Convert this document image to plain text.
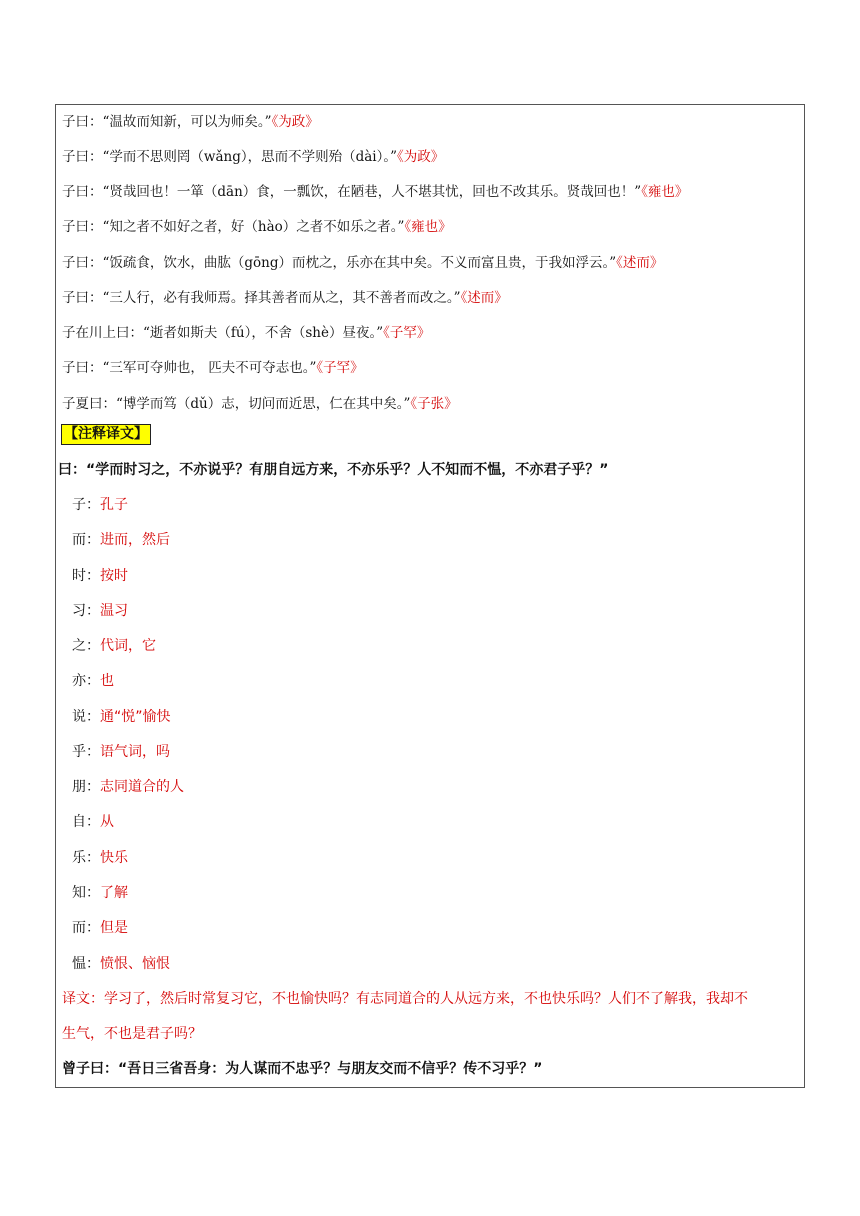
子曰：“温故而知新，可以为师矣。”《为政》
子曰：“学而不思则罔（wǎng），思而不学则殆（dài）。”《为政》
子曰：“贤哉回也！一箪（dān）食，一瓢饮，在陋巷，人不堪其忧，回也不改其乐。贤哉回也！”《雍也》
子曰：“知之者不如好之者，好（hào）之者不如乐之者。”《雍也》
子曰：“饭疏食，饮水，曲肱（gōng）而枕之，乐亦在其中矣。不义而富且贵，于我如浮云。”《述而》
子曰：“三人行，必有我师焉。择其善者而从之，其不善者而改之。”《述而》
子在川上曰：“逝者如斯夫（fú），不舍（shè）昼夜。”《子罕》
子曰：“三军可夺帅也， 匹夫不可夺志也。”《子罕》
子夏曰：“博学而笃（dǔ）志，切问而近思，仁在其中矣。”《子张》
【注释译文】
曰：“学而时习之，不亦说乎？有朋自远方来，不亦乐乎？人不知而不愠，不亦君子乎？”
子：孔子
而：进而，然后
时：按时
习：温习
之：代词，它
亦：也
说：通“悦”愉快
乎：语气词，吗
朋：志同道合的人
自：从
乐：快乐
知：了解
而：但是
愠：愤恨、恼恨
译文：学习了，然后时常复习它，不也愉快吗？有志同道合的人从远方来，不也快乐吗？人们不了解我，我却不
生气，不也是君子吗？
曾子曰：“吾日三省吾身：为人谋而不忠乎？与朋友交而不信乎？传不习乎？”
